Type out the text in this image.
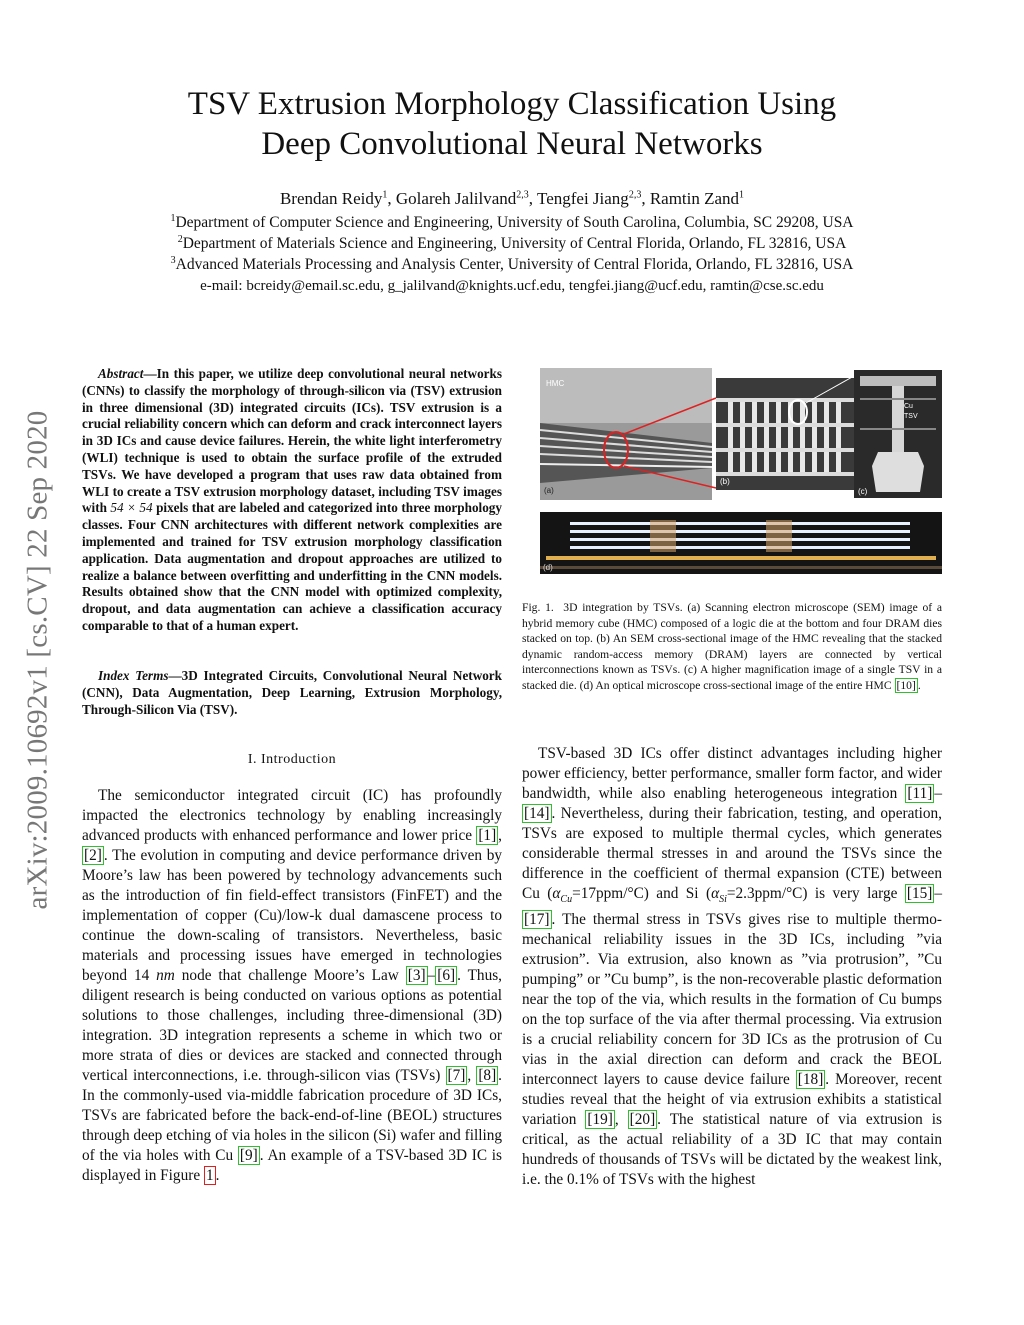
arXiv:2009.10692v1 [cs.CV] 22 Sep 2020
TSV Extrusion Morphology Classification Using
Deep Convolutional Neural Networks
Brendan Reidy$^1$, Golareh Jalilvand$^{2,3}$, Tengfei Jiang$^{2,3}$, Ramtin Zand$^1$
$^1$Department of Computer Science and Engineering, University of South Carolina, Columbia, SC 29208, USA
$^2$Department of Materials Science and Engineering, University of Central Florida, Orlando, FL 32816, USA
$^3$Advanced Materials Processing and Analysis Center, University of Central Florida, Orlando, FL 32816, USA
e-mail: bcreidy@email.sc.edu, g_jalilvand@knights.ucf.edu, tengfei.jiang@ucf.edu, ramtin@cse.sc.edu
Abstract—In this paper, we utilize deep convolutional neural networks (CNNs) to classify the morphology of through-silicon via (TSV) extrusion in three dimensional (3D) integrated circuits (ICs). TSV extrusion is a crucial reliability concern which can deform and crack interconnect layers in 3D ICs and cause device failures. Herein, the white light interferometry (WLI) technique is used to obtain the surface profile of the extruded TSVs. We have developed a program that uses raw data obtained from WLI to create a TSV extrusion morphology dataset, including TSV images with 54 × 54 pixels that are labeled and categorized into three morphology classes. Four CNN architectures with different network complexities are implemented and trained for TSV extrusion morphology classification application. Data augmentation and dropout approaches are utilized to realize a balance between overfitting and underfitting in the CNN models. Results obtained show that the CNN model with optimized complexity, dropout, and data augmentation can achieve a classification accuracy comparable to that of a human expert.
Index Terms—3D Integrated Circuits, Convolutional Neural Network (CNN), Data Augmentation, Deep Learning, Extrusion Morphology, Through-Silicon Via (TSV).
I. Introduction

The semiconductor integrated circuit (IC) has profoundly impacted the electronics technology by enabling increasingly advanced products with enhanced performance and lower price [1] , [2] . The evolution in computing and device performance driven by Moore’s law has been powered by technology advancements such as the introduction of fin field-effect transistors (FinFET) and the implementation of copper (Cu)/low-k dual damascene process to continue the down-scaling of transistors. Nevertheless, basic materials and processing issues have emerged in technologies beyond 14 nm node that challenge Moore’s Law [3] – [6] . Thus, diligent research is being conducted on various options as potential solutions to those challenges, including three-dimensional (3D) integration. 3D integration represents a scheme in which two or more strata of dies or devices are stacked and connected through vertical interconnections, i.e. through-silicon vias (TSVs) [7] , [8] . In the commonly-used via-middle fabrication procedure of 3D ICs, TSVs are fabricated before the back-end-of-line (BEOL) structures through deep etching of via holes in the silicon (Si) wafer and filling of the via holes with Cu [9] . An example of a TSV-based 3D IC is displayed in Figure 1 .

HMC
(a)
(b)
Cu
TSV
(c)
(d)
Fig. 1. 3D integration by TSVs. (a) Scanning electron microscope (SEM) image of a hybrid memory cube (HMC) composed of a logic die at the bottom and four DRAM dies stacked on top. (b) An SEM cross-sectional image of the HMC revealing that the stacked dynamic random-access memory (DRAM) layers are connected by vertical interconnections known as TSVs. (c) A higher magnification image of a single TSV in a stacked die. (d) An optical microscope cross-sectional image of the entire HMC [10] .

TSV-based 3D ICs offer distinct advantages including higher power efficiency, better performance, smaller form factor, and wider bandwidth, while also enabling heterogeneous integration [11] –[14] . Nevertheless, during their fabrication, testing, and operation, TSVs are exposed to multiple thermal cycles, which generates considerable thermal stresses in and around the TSVs since the difference in the coefficient of thermal expansion (CTE) between Cu $(\alpha_{Cu}=17ppm/^\circ C)$ and Si $(\alpha_{Si}=2.3ppm/^\circ C)$ is very large [15] –[17] . The thermal stress in TSVs gives rise to multiple thermo-mechanical reliability issues in the 3D ICs, including ”via extrusion”. Via extrusion, also known as ”via protrusion”, ”Cu pumping” or ”Cu bump”, is the non-recoverable plastic deformation near the top of the via, which results in the formation of Cu bumps on the top surface of the via after thermal processing. Via extrusion is a crucial reliability concern for 3D ICs as the protrusion of Cu vias in the axial direction can deform and crack the BEOL interconnect layers to cause device failure [18] . Moreover, recent studies reveal that the height of via extrusion exhibits a statistical variation [19] , [20] . The statistical nature of via extrusion is critical, as the actual reliability of a 3D IC that may contain hundreds of thousands of TSVs will be dictated by the weakest link, i.e. the 0.1% of TSVs with the highest
